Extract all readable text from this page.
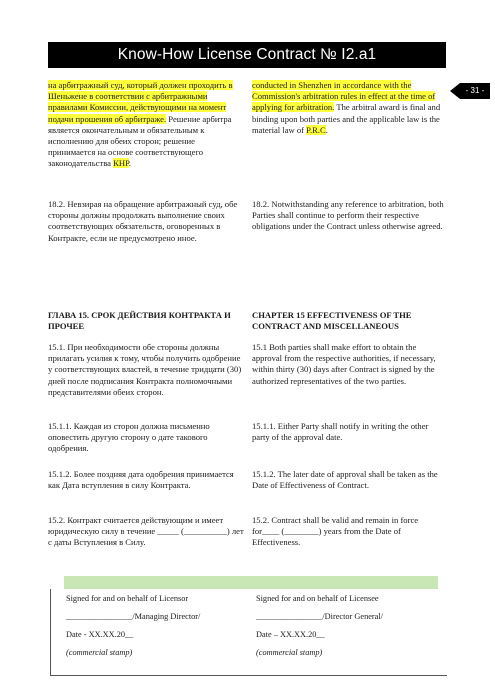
Know-How License Contract № I2.a1
- 31 -

на арбитражный суд, который должен проходить в Шеньжене в соответствии с арбитражными правилами Комиссии, действующими на момент подачи прошения об арбитраже. Решение арбитра является окончательным и обязательным к исполнению для обеих сторон; решение принимается на основе соответствующего законодательства КНР.

18.2. Невзирая на обращение арбитражный суд, обе стороны должны продолжать выполнение своих соответствующих обязательств, оговоренных в Контракте, если не предусмотрено иное.

ГЛАВА 15. СРОК ДЕЙСТВИЯ КОНТРАКТА И ПРОЧЕЕ

15.1. При необходимости обе стороны должны прилагать усилия к тому, чтобы получить одобрение у соответствующих властей, в течение тридцати (30) дней после подписания Контракта полномочными представителями обеих сторон.

15.1.1. Каждая из сторон должна письменно оповестить другую сторону о дате такового одобрения.

15.1.2. Более поздняя дата одобрения принимается как Дата вступления в силу Контракта.

15.2. Контракт считается действующим и имеет юридическую силу в течение _____ (__________) лет с даты Вступления в Силу.

conducted in Shenzhen in accordance with the Commission's arbitration rules in effect at the time of applying for arbitration. The arbitral award is final and binding upon both parties and the applicable law is the material law of P.R.C.

18.2. Notwithstanding any reference to arbitration, both Parties shall continue to perform their respective obligations under the Contract unless otherwise agreed.

CHAPTER 15 EFFECTIVENESS OF THE CONTRACT AND MISCELLANEOUS

15.1 Both parties shall make effort to obtain the approval from the respective authorities, if necessary, within thirty (30) days after Contract is signed by the authorized representatives of the two parties.

15.1.1. Either Party shall notify in writing the other party of the approval date.

15.1.2. The later date of approval shall be taken as the Date of Effectiveness of Contract.

15.2. Contract shall be valid and remain in force for____ (________) years from the Date of Effectiveness.

Signed for and on behalf of Licensor
________________/Managing Director/
Date - XX.XX.20__
(commercial stamp)
Signed for and on behalf of Licensee
________________/Director General/
Date – XX.XX.20__
(commercial stamp)
